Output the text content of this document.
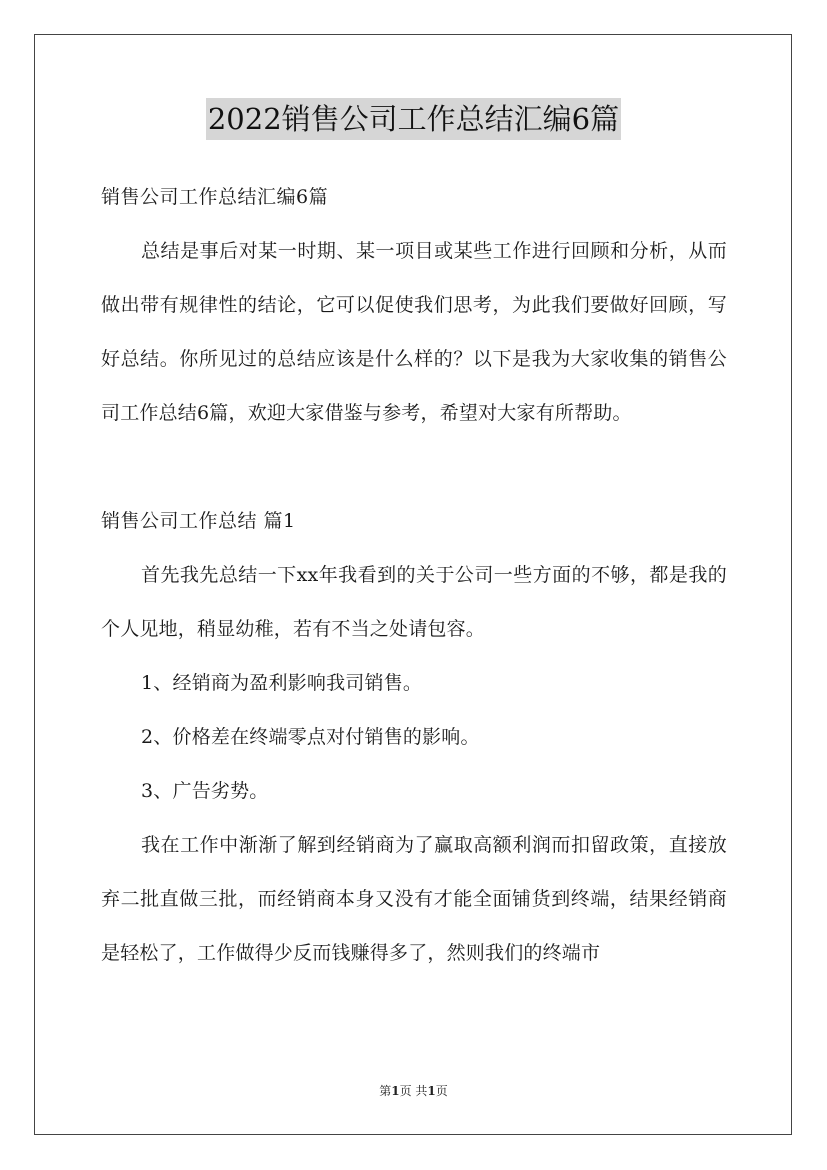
2022销售公司工作总结汇编6篇

销售公司工作总结汇编6篇

总结是事后对某一时期、某一项目或某些工作进行回顾和分析，从而做出带有规律性的结论，它可以促使我们思考，为此我们要做好回顾，写好总结。你所见过的总结应该是什么样的？以下是我为大家收集的销售公司工作总结6篇，欢迎大家借鉴与参考，希望对大家有所帮助。

销售公司工作总结 篇1

首先我先总结一下xx年我看到的关于公司一些方面的不够，都是我的个人见地，稍显幼稚，若有不当之处请包容。

1、经销商为盈利影响我司销售。

2、价格差在终端零点对付销售的影响。

3、广告劣势。

我在工作中渐渐了解到经销商为了赢取高额利润而扣留政策，直接放弃二批直做三批，而经销商本身又没有才能全面铺货到终端，结果经销商是轻松了，工作做得少反而钱赚得多了，然则我们的终端市

第1页 共1页
